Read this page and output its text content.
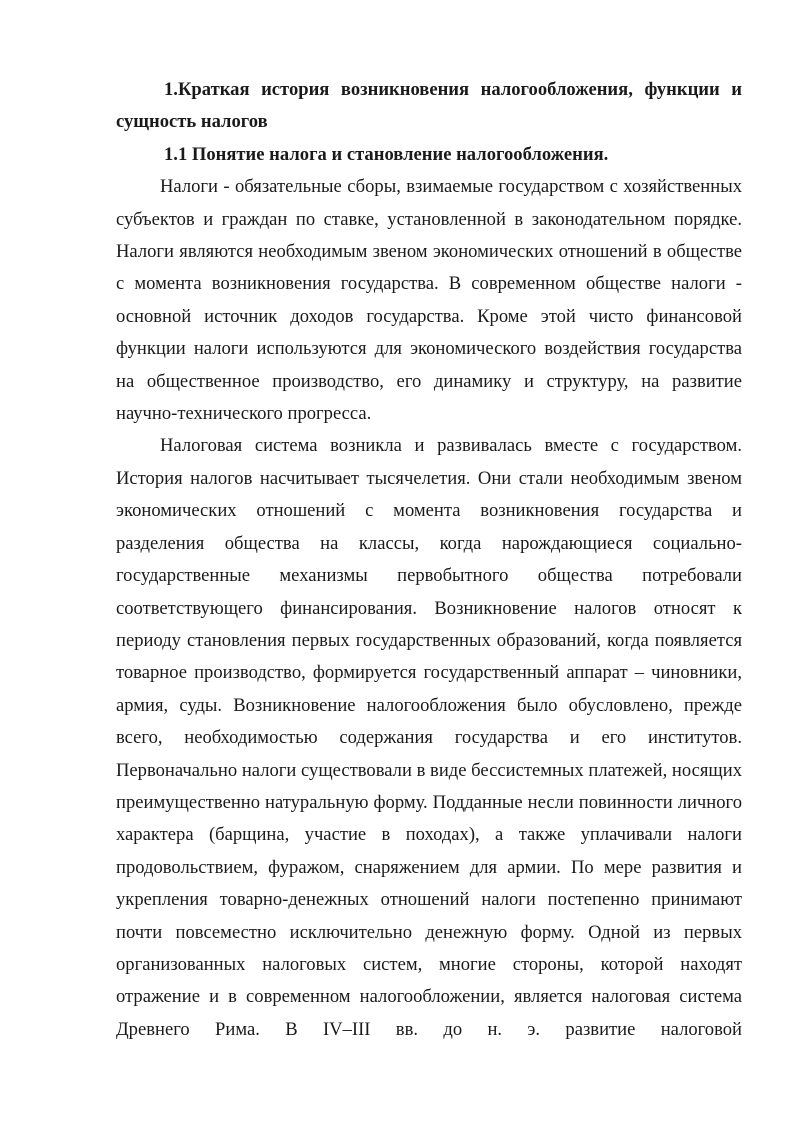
1.Краткая история возникновения налогообложения, функции и сущность налогов

1.1 Понятие налога и становление налогообложения.

Налоги - обязательные сборы, взимаемые государством с хозяйственных субъектов и граждан по ставке, установленной в законодательном порядке. Налоги являются необходимым звеном экономических отношений в обществе с момента возникновения государства. В современном обществе налоги - основной источник доходов государства. Кроме этой чисто финансовой функции налоги используются для экономического воздействия государства на общественное производство, его динамику и структуру, на развитие научно-технического прогресса.

Налоговая система возникла и развивалась вместе с государством. История налогов насчитывает тысячелетия. Они стали необходимым звеном экономических отношений с момента возникновения государства и разделения общества на классы, когда нарождающиеся социально-государственные механизмы первобытного общества потребовали соответствующего финансирования. Возникновение налогов относят к периоду становления первых государственных образований, когда появляется товарное производство, формируется государственный аппарат – чиновники, армия, суды. Возникновение налогообложения было обусловлено, прежде всего, необходимостью содержания государства и его институтов. Первоначально налоги существовали в виде бессистемных платежей, носящих преимущественно натуральную форму. Подданные несли повинности личного характера (барщина, участие в походах), а также уплачивали налоги продовольствием, фуражом, снаряжением для армии. По мере развития и укрепления товарно-денежных отношений налоги постепенно принимают почти повсеместно исключительно денежную форму. Одной из первых организованных налоговых систем, многие стороны, которой находят отражение и в современном налогообложении, является налоговая система Древнего Рима. В IV–III вв. до н. э. развитие налоговой
